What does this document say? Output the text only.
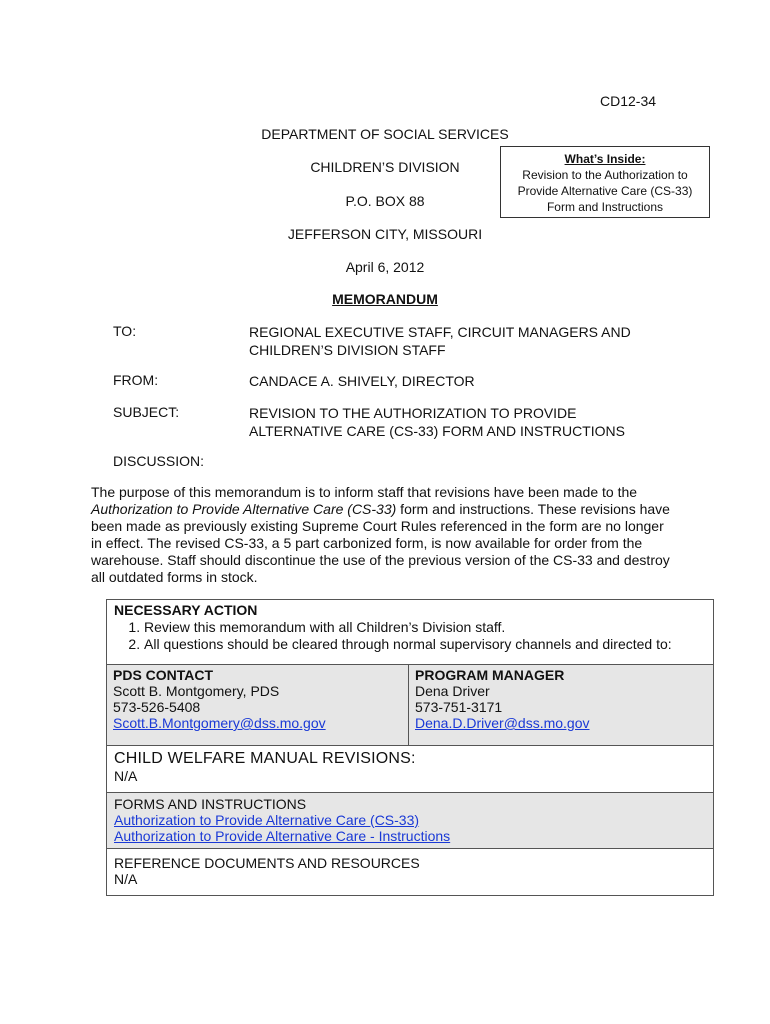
CD12-34
DEPARTMENT OF SOCIAL SERVICES
CHILDREN’S DIVISION
P.O. BOX 88
JEFFERSON CITY, MISSOURI
April 6, 2012
MEMORANDUM
What’s Inside:
Revision to the Authorization to
Provide Alternative Care (CS-33)
Form and Instructions
TO:	REGIONAL EXECUTIVE STAFF, CIRCUIT MANAGERS AND
CHILDREN’S DIVISION STAFF
FROM:	CANDACE A. SHIVELY, DIRECTOR
SUBJECT:	REVISION TO THE AUTHORIZATION TO PROVIDE
ALTERNATIVE CARE (CS-33) FORM AND INSTRUCTIONS
DISCUSSION:
The purpose of this memorandum is to inform staff that revisions have been made to the Authorization to Provide Alternative Care (CS-33) form and instructions. These revisions have been made as previously existing Supreme Court Rules referenced in the form are no longer in effect. The revised CS-33, a 5 part carbonized form, is now available for order from the warehouse. Staff should discontinue the use of the previous version of the CS-33 and destroy all outdated forms in stock.
NECESSARY ACTION
1. Review this memorandum with all Children’s Division staff.
2. All questions should be cleared through normal supervisory channels and directed to:
PDS CONTACT
Scott B. Montgomery, PDS
573-526-5408
Scott.B.Montgomery@dss.mo.gov
PROGRAM MANAGER
Dena Driver
573-751-3171
Dena.D.Driver@dss.mo.gov
CHILD WELFARE MANUAL REVISIONS:
N/A
FORMS AND INSTRUCTIONS
Authorization to Provide Alternative Care (CS-33)
Authorization to Provide Alternative Care - Instructions
REFERENCE DOCUMENTS AND RESOURCES
N/A
